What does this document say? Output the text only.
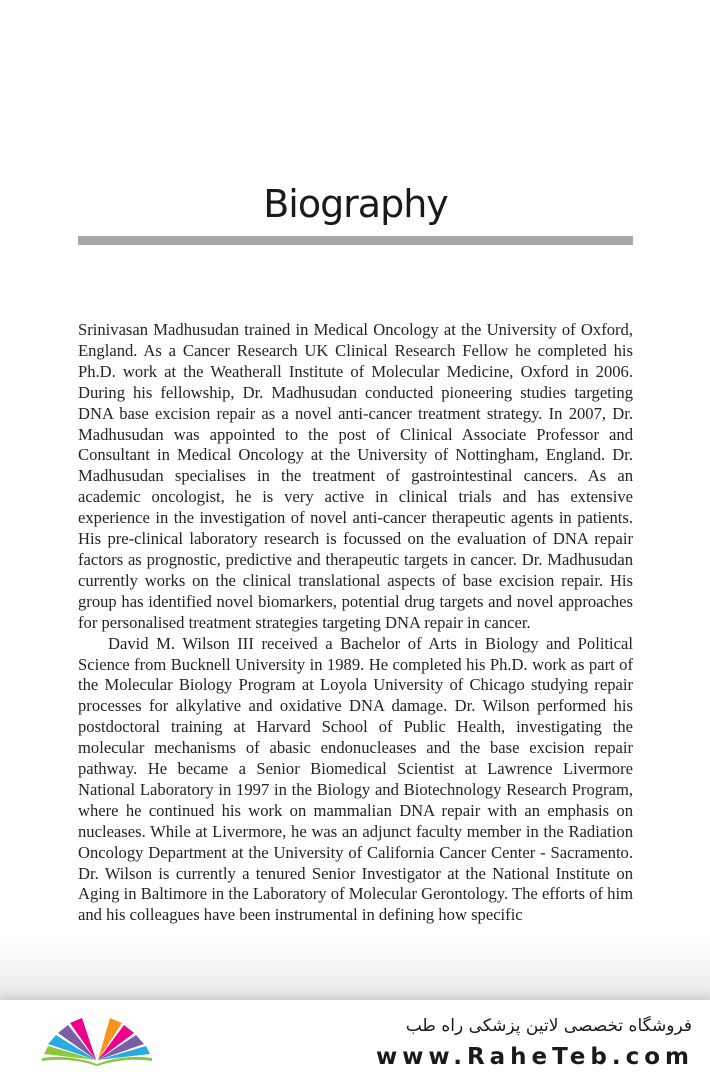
Biography

Srinivasan Madhusudan trained in Medical Oncology at the University of Oxford, England. As a Cancer Research UK Clinical Research Fellow he completed his Ph.D. work at the Weatherall Institute of Molecular Medicine, Oxford in 2006. During his fellowship, Dr. Madhusudan conducted pioneering studies targeting DNA base excision repair as a novel anti-cancer treatment strategy. In 2007, Dr. Madhusudan was appointed to the post of Clinical Associate Professor and Consultant in Medical Oncology at the University of Nottingham, England. Dr. Madhusudan specialises in the treatment of gastrointestinal cancers. As an academic oncologist, he is very active in clinical trials and has extensive experience in the investigation of novel anti-cancer therapeutic agents in patients. His pre-clinical laboratory research is focussed on the evaluation of DNA repair factors as prognostic, predictive and therapeutic targets in cancer. Dr. Madhusudan currently works on the clinical translational aspects of base excision repair. His group has identified novel biomarkers, potential drug targets and novel approaches for personalised treatment strategies targeting DNA repair in cancer.

David M. Wilson III received a Bachelor of Arts in Biology and Political Science from Bucknell University in 1989. He completed his Ph.D. work as part of the Molecular Biology Program at Loyola University of Chicago studying repair processes for alkylative and oxidative DNA damage. Dr. Wilson performed his postdoctoral training at Harvard School of Public Health, investigating the molecular mechanisms of abasic endonucleases and the base excision repair pathway. He became a Senior Biomedical Scientist at Lawrence Livermore National Laboratory in 1997 in the Biology and Biotechnology Research Program, where he continued his work on mammalian DNA repair with an emphasis on nucleases. While at Livermore, he was an adjunct faculty member in the Radiation Oncology Department at the University of California Cancer Center - Sacramento. Dr. Wilson is currently a tenured Senior Investigator at the National Institute on Aging in Baltimore in the Laboratory of Molecular Gerontology. The efforts of him and his colleagues have been instrumental in defining how specific

فروشگاه تخصصی لاتین پزشکی راه طب
www.RaheTeb.com
